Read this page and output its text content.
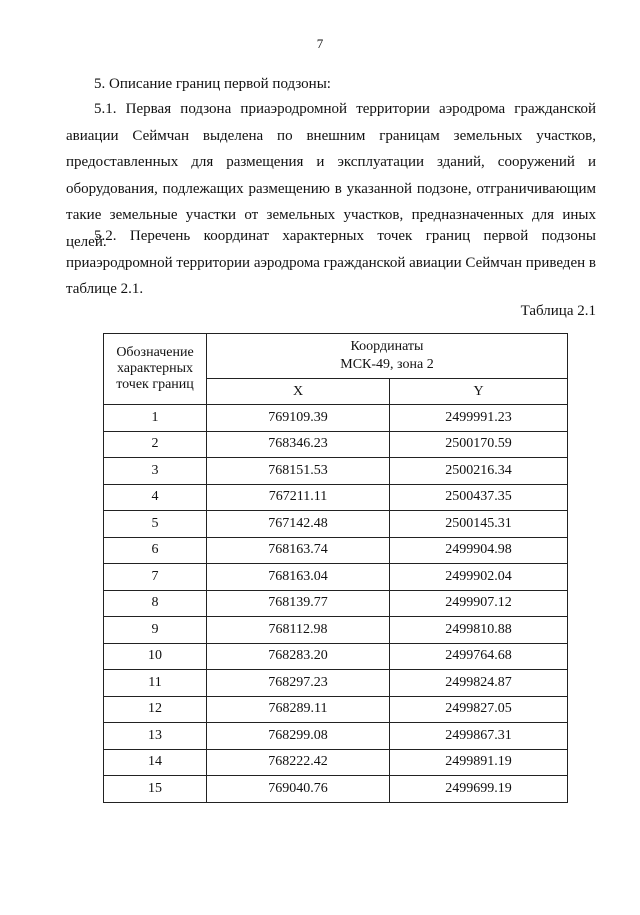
7
5. Описание границ первой подзоны:

5.1. Первая подзона приаэродромной территории аэродрома гражданской авиации Сеймчан выделена по внешним границам земельных участков, предоставленных для размещения и эксплуатации зданий, сооружений и оборудования, подлежащих размещению в указанной подзоне, отграничивающим такие земельные участки от земельных участков, предназначенных для иных целей.

5.2. Перечень координат характерных точек границ первой подзоны приаэродромной территории аэродрома гражданской авиации Сеймчан приведен в таблице 2.1.

Таблица 2.1
Обозначение характерных точек границ	Координаты
МСК-49, зона 2	

	X	Y
1	769109.39	2499991.23
2	768346.23	2500170.59
3	768151.53	2500216.34
4	767211.11	2500437.35
5	767142.48	2500145.31
6	768163.74	2499904.98
7	768163.04	2499902.04
8	768139.77	2499907.12
9	768112.98	2499810.88
10	768283.20	2499764.68
11	768297.23	2499824.87
12	768289.11	2499827.05
13	768299.08	2499867.31
14	768222.42	2499891.19
15	769040.76	2499699.19
